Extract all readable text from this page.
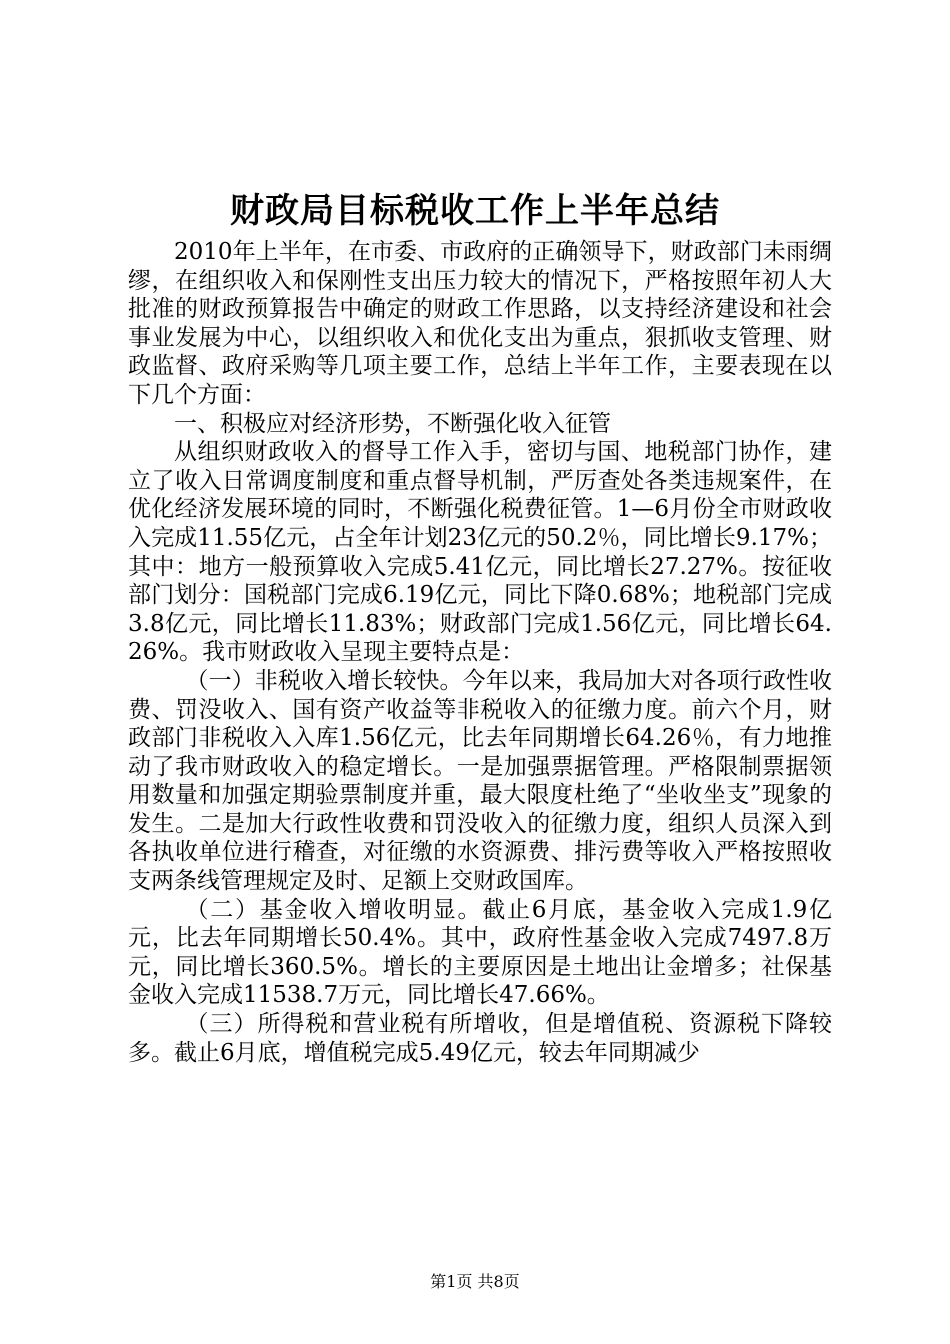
财政局目标税收工作上半年总结

2010年上半年，在市委、市政府的正确领导下，财政部门未雨绸缪，在组织收入和保刚性支出压力较大的情况下，严格按照年初人大批准的财政预算报告中确定的财政工作思路，以支持经济建设和社会事业发展为中心，以组织收入和优化支出为重点，狠抓收支管理、财政监督、政府采购等几项主要工作，总结上半年工作，主要表现在以下几个方面：

一、积极应对经济形势，不断强化收入征管

从组织财政收入的督导工作入手，密切与国、地税部门协作，建立了收入日常调度制度和重点督导机制，严厉查处各类违规案件，在优化经济发展环境的同时，不断强化税费征管。1—6月份全市财政收入完成11.55亿元，占全年计划23亿元的50.2％，同比增长9.17%；其中：地方一般预算收入完成5.41亿元，同比增长27.27%。按征收部门划分：国税部门完成6.19亿元，同比下降0.68%；地税部门完成3.8亿元，同比增长11.83%；财政部门完成1.56亿元，同比增长64.26%。我市财政收入呈现主要特点是：

（一）非税收入增长较快。今年以来，我局加大对各项行政性收费、罚没收入、国有资产收益等非税收入的征缴力度。前六个月，财政部门非税收入入库1.56亿元，比去年同期增长64.26％，有力地推动了我市财政收入的稳定增长。一是加强票据管理。严格限制票据领用数量和加强定期验票制度并重，最大限度杜绝了“坐收坐支”现象的发生。二是加大行政性收费和罚没收入的征缴力度，组织人员深入到各执收单位进行稽查，对征缴的水资源费、排污费等收入严格按照收支两条线管理规定及时、足额上交财政国库。

（二）基金收入增收明显。截止6月底，基金收入完成1.9亿元，比去年同期增长50.4%。其中，政府性基金收入完成7497.8万元，同比增长360.5%。增长的主要原因是土地出让金增多；社保基金收入完成11538.7万元，同比增长47.66%。

（三）所得税和营业税有所增收，但是增值税、资源税下降较多。截止6月底，增值税完成5.49亿元，较去年同期减少

第1页 共8页
